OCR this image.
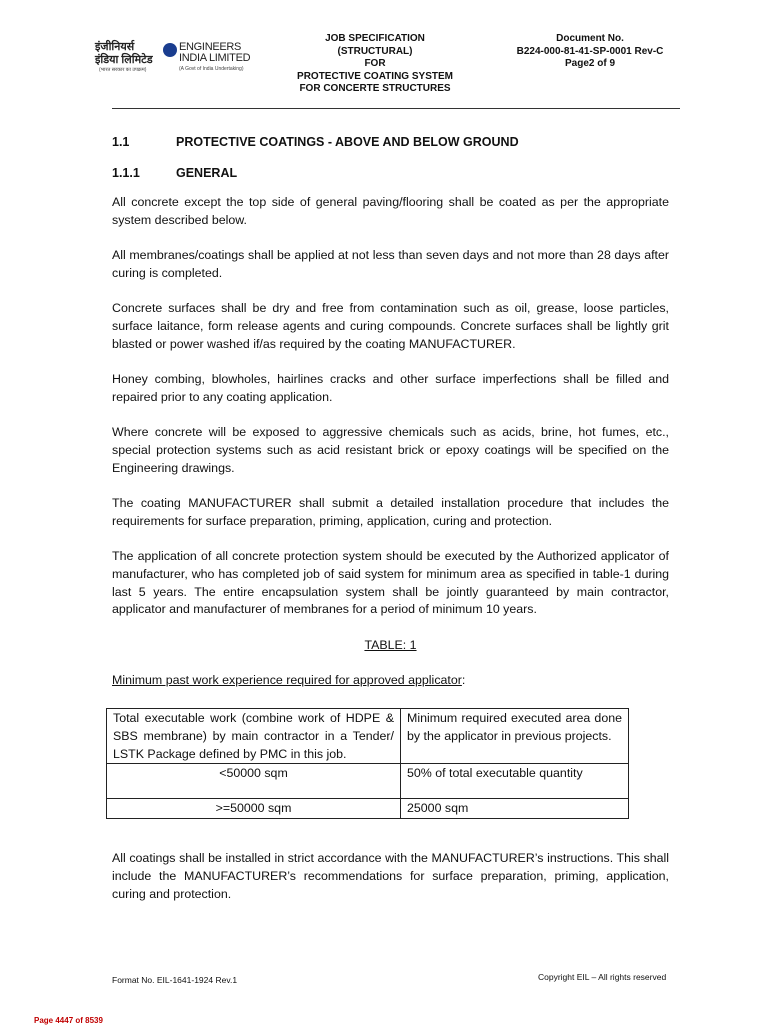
इंजीनियर्स
इंडिया लिमिटेड
ENGINEERS
INDIA LIMITED
(भारत सरकार का उपक्रम)	(A Govt of India Undertaking)
JOB SPECIFICATION
(STRUCTURAL)
FOR
PROTECTIVE COATING SYSTEM
FOR CONCERTE STRUCTURES
Document No.
B224-000-81-41-SP-0001 Rev-C
Page2 of 9
1.1	PROTECTIVE COATINGS - ABOVE AND BELOW GROUND
1.1.1	GENERAL
All concrete except the top side of general paving/flooring shall be coated as per the appropriate system described below.
All membranes/coatings shall be applied at not less than seven days and not more than 28 days after curing is completed.
Concrete surfaces shall be dry and free from contamination such as oil, grease, loose particles, surface laitance, form release agents and curing compounds. Concrete surfaces shall be lightly grit blasted or power washed if/as required by the coating MANUFACTURER.
Honey combing, blowholes, hairlines cracks and other surface imperfections shall be filled and repaired prior to any coating application.
Where concrete will be exposed to aggressive chemicals such as acids, brine, hot fumes, etc., special protection systems such as acid resistant brick or epoxy coatings will be specified on the Engineering drawings.
The coating MANUFACTURER shall submit a detailed installation procedure that includes the requirements for surface preparation, priming, application, curing and protection.
The application of all concrete protection system should be executed by the Authorized applicator of manufacturer, who has completed job of said system for minimum area as specified in table-1 during last 5 years. The entire encapsulation system shall be jointly guaranteed by main contractor, applicator and manufacturer of membranes for a period of minimum 10 years.
TABLE: 1
Minimum past work experience required for approved applicator:
Total executable work (combine work of HDPE & SBS membrane) by main contractor in a Tender/ LSTK Package defined by PMC in this job.	Minimum required executed area done by the applicator in previous projects.
<50000 sqm	50% of total executable quantity
>=50000 sqm	25000 sqm
All coatings shall be installed in strict accordance with the MANUFACTURER’s instructions. This shall include the MANUFACTURER’s recommendations for surface preparation, priming, application, curing and protection.
Format No. EIL-1641-1924 Rev.1	Copyright EIL – All rights reserved
Page 4447 of 8539
